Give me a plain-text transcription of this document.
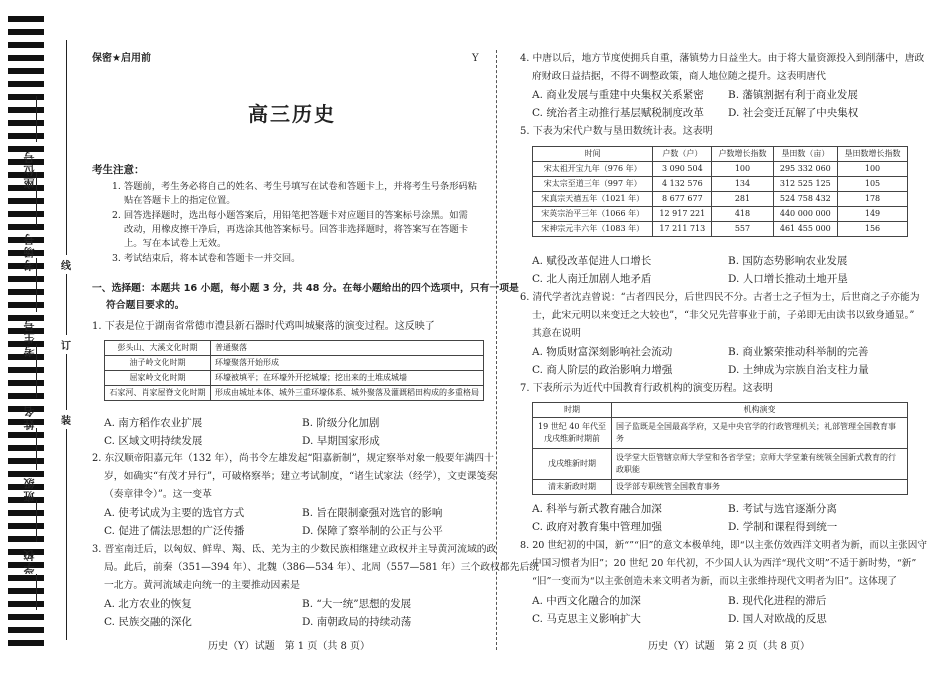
座位号
考场号
考生号
姓名
班级
学校
线
订
装
保密★启用前	Y
高三历史
考生注意：
1. 答题前，考生务必将自己的姓名、考生号填写在试卷和答题卡上，并将考生号条形码粘
贴在答题卡上的指定位置。
2. 回答选择题时，选出每小题答案后，用铅笔把答题卡对应题目的答案标号涂黑。如需
改动，用橡皮擦干净后，再选涂其他答案标号。回答非选择题时，将答案写在答题卡
上。写在本试卷上无效。
3. 考试结束后，将本试卷和答题卡一并交回。
一、选择题：本题共 16 小题，每小题 3 分，共 48 分。在每小题给出的四个选项中，只有一项是
符合题目要求的。
1. 下表是位于湖南省常德市澧县新石器时代鸡叫城聚落的演变过程。这反映了
彭头山、大溪文化时期	普通聚落
油子岭文化时期	环壕聚落开始形成
屈家岭文化时期	环壕被填平；在环壕外开挖城壕；挖出来的土堆成城墙
石家河、肖家屋脊文化时期	形成由城址本体、城外三重环壕体系、城外聚落及灌溉稻田构成的多重格局
A. 南方稻作农业扩展	B. 阶级分化加剧
C. 区域文明持续发展	D. 早期国家形成
2. 东汉顺帝阳嘉元年（132 年），尚书令左雄发起“阳嘉新制”，规定察举对象一般要年满四十
岁，如确实“有茂才异行”，可破格察举；建立考试制度，“诸生试家法（经学），文吏课笺奏
（奏章律令）”。这一变革
A. 使考试成为主要的选官方式	B. 旨在限制豪强对选官的影响
C. 促进了儒法思想的广泛传播	D. 保障了察举制的公正与公平
3. 晋室南迁后，以匈奴、鲜卑、羯、氐、羌为主的少数民族相继建立政权并主导黄河流域的政
局。此后，前秦（351—394 年）、北魏（386—534 年）、北周（557—581 年）三个政权都先后统
一北方。黄河流域走向统一的主要推动因素是
A. 北方农业的恢复	B. “大一统”思想的发展
C. 民族交融的深化	D. 南朝政局的持续动荡
历史（Y）试题　第 1 页（共 8 页）
4. 中唐以后，地方节度使拥兵自重，藩镇势力日益坐大。由于将大量资源投入到削藩中，唐政
府财政日益拮据，不得不调整政策，商人地位随之提升。这表明唐代
A. 商业发展与重建中央集权关系紧密 B. 藩镇割据有利于商业发展
C. 统治者主动推行基层赋税制度改革 D. 社会变迁瓦解了中央集权
5. 下表为宋代户数与垦田数统计表。这表明
时间	户数（户）	户数增长指数	垦田数（亩）	垦田数增长指数
宋太祖开宝九年（976 年）	3 090 504	100	295 332 060	100
宋太宗至道三年（997 年）	4 132 576	134	312 525 125	105
宋真宗天禧五年（1021 年）	8 677 677	281	524 758 432	178
宋英宗治平三年（1066 年）	12 917 221	418	440 000 000	149
宋神宗元丰六年（1083 年）	17 211 713	557	461 455 000	156
A. 赋役改革促进人口增长	B. 国防态势影响农业发展
C. 北人南迁加剧人地矛盾	D. 人口增长推动土地开垦
6. 清代学者沈垚曾说：“古者四民分，后世四民不分。古者士之子恒为士，后世商之子亦能为
士，此宋元明以来变迁之大较也”，“非父兄先营事业于前，子弟即无由读书以致身通显。”
其意在说明
A. 物质财富深刻影响社会流动	B. 商业繁荣推动科举制的完善
C. 商人阶层的政治影响力增强	D. 土绅成为宗族自治支柱力量
7. 下表所示为近代中国教育行政机构的演变历程。这表明
时期	机构演变
19 世纪 40 年代至戊戌维新时期前	国子监既是全国最高学府，又是中央官学的行政管理机关；礼部管理全国教育事务
戊戌维新时期	设学堂大臣管辖京师大学堂和各省学堂；京师大学堂兼有统领全国新式教育的行政职能
清末新政时期	设学部专职统管全国教育事务
A. 科举与新式教育融合加深	B. 考试与选官逐渐分离
C. 政府对教育集中管理加强	D. 学制和课程得到统一
8. 20 世纪初的中国，新“”“旧”的意文本极单纯，即“以主张仿效西洋文明者为新，而以主张因守
中国习惯者为旧”；20 世纪 20 年代初，不少国人认为西洋“现代文明”不适于新时势，“新”
“旧”一变而为“以主张创造未来文明者为新，而以主张维持现代文明者为旧”。这体现了
A. 中西文化融合的加深	B. 现代化进程的滞后
C. 马克思主义影响扩大	D. 国人对欧战的反思
历史（Y）试题　第 2 页（共 8 页）
